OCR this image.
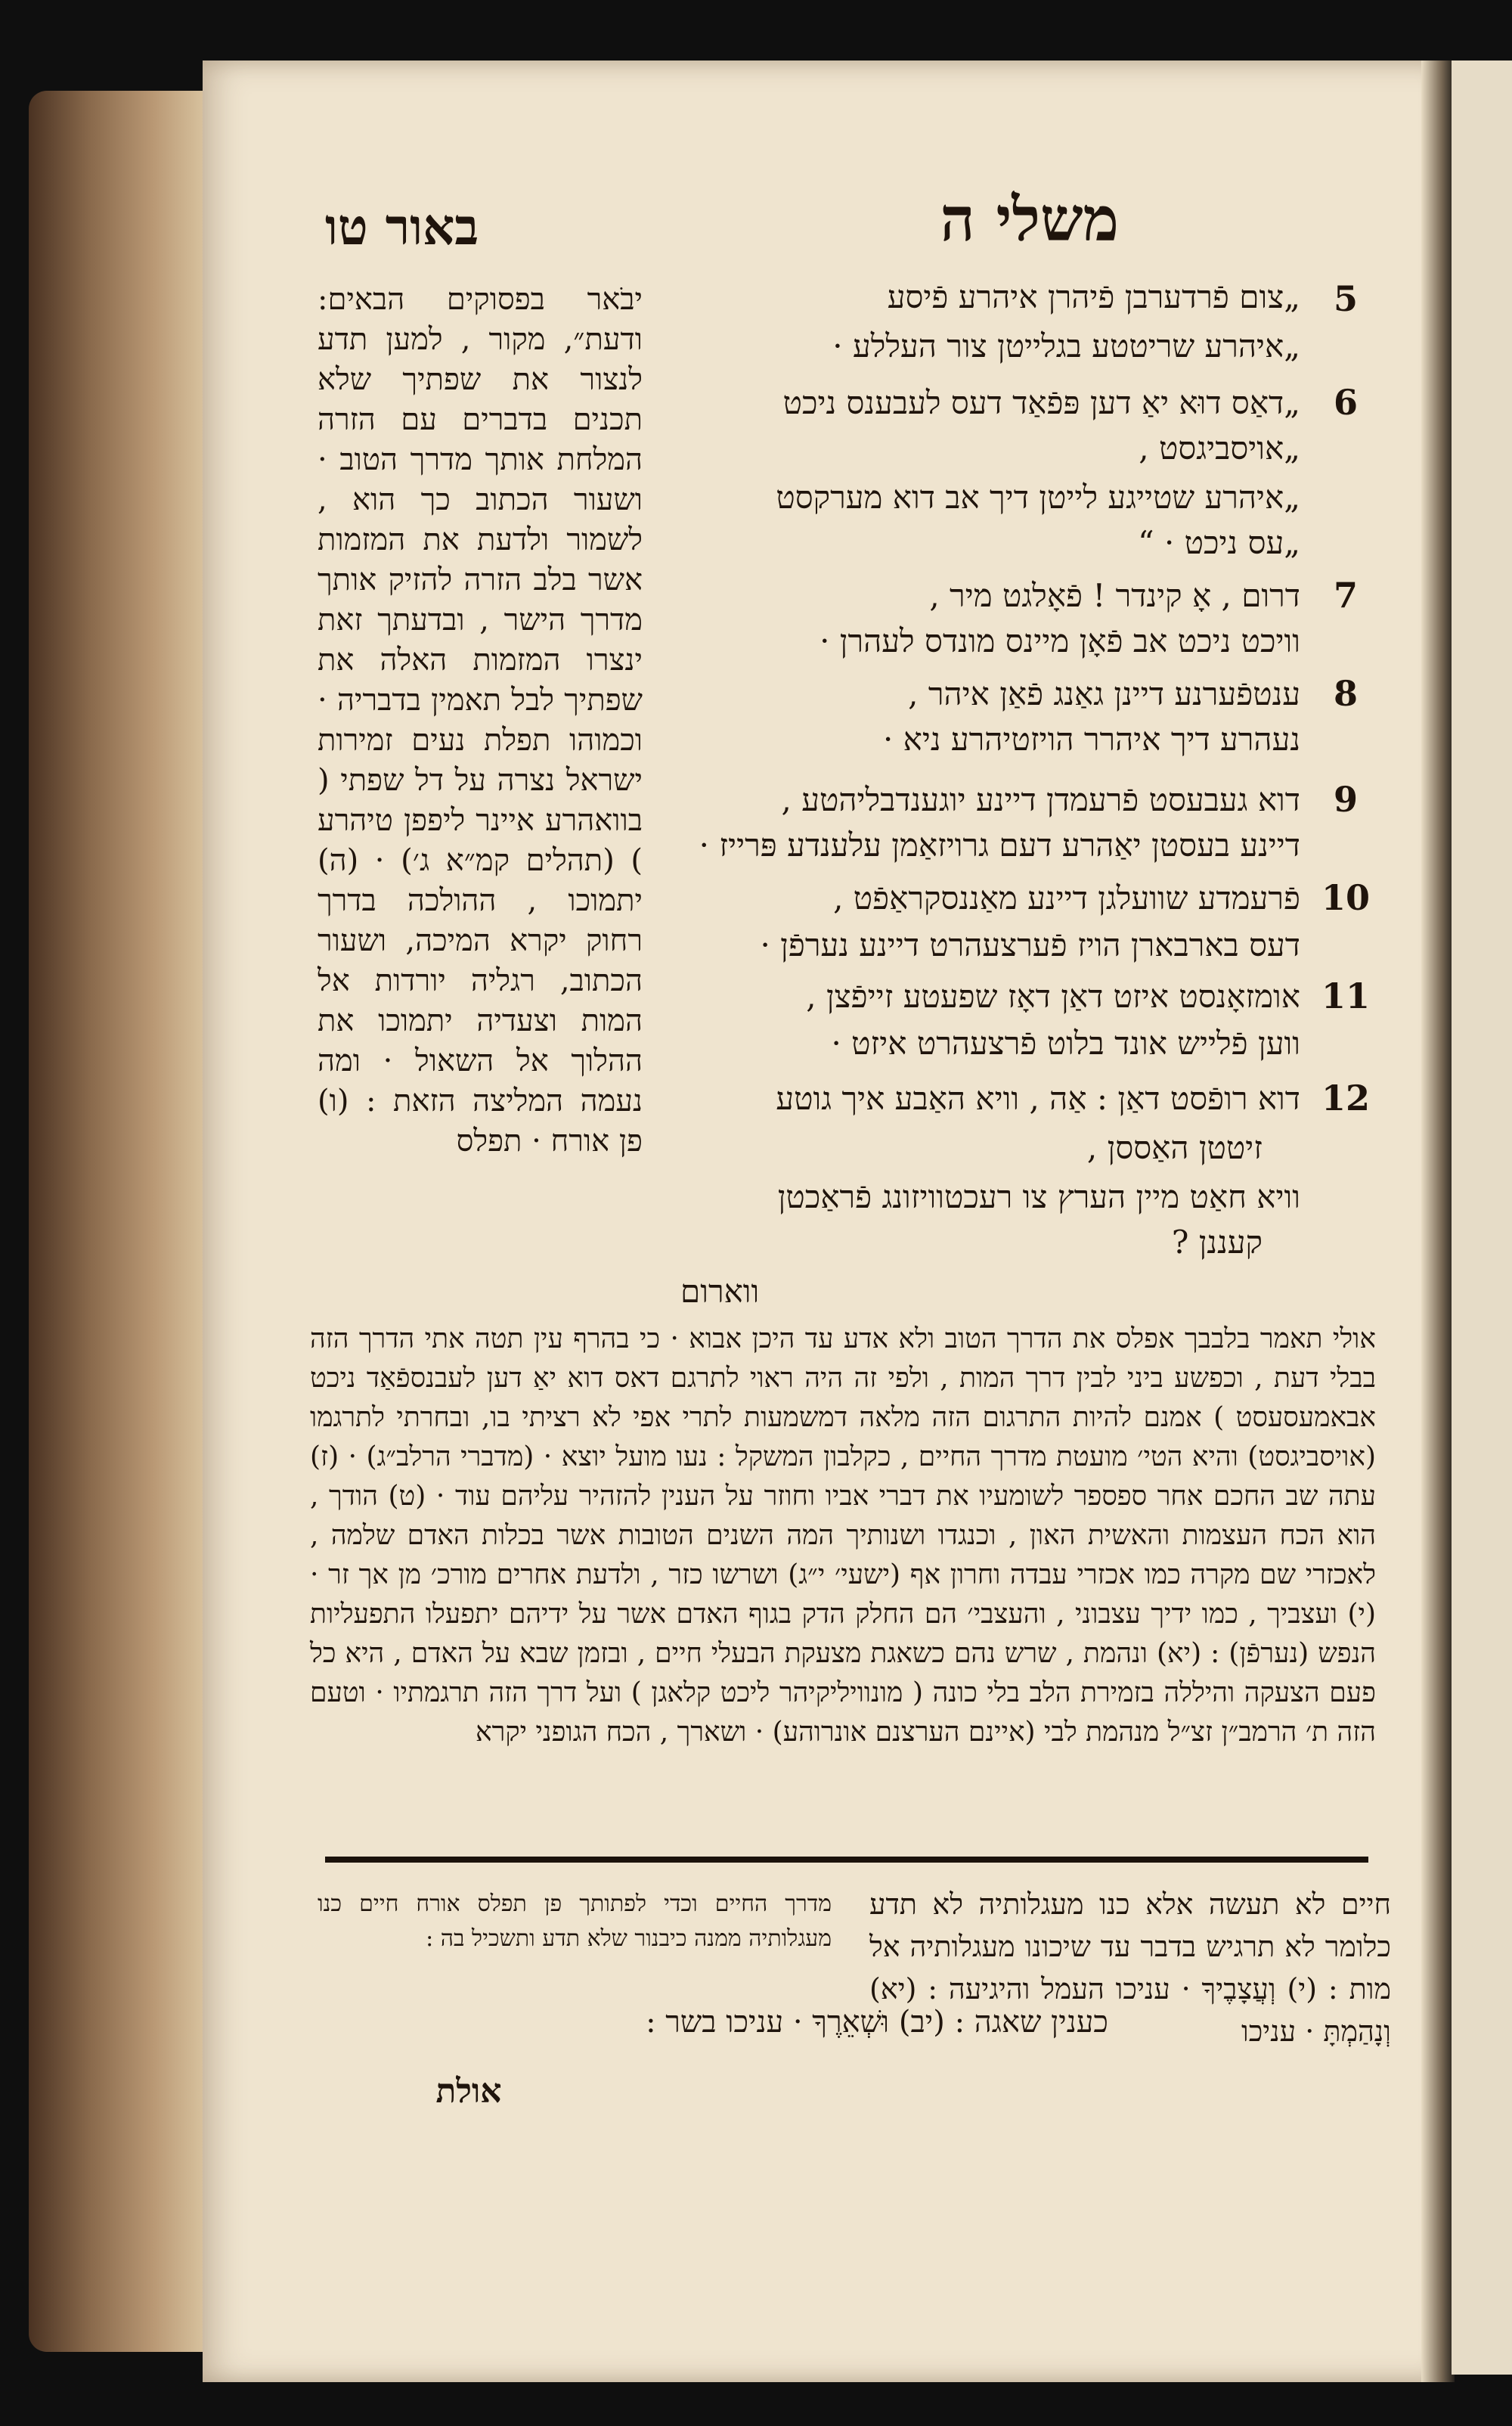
משלי ה
באור טו
יבֹאר בפסוקים הבאים: ודעת״, מקור , למען תדע לנצור את שפתיך שלא תכנים בדברים עם הזרה המלחת אותך מדרך הטוב · ושעור הכתוב כך הוא , לשמור ולדעת את המזמות אשר בלב הזרה להזיק אותך מדרך הישר , ובדעתך זאת ינצרו המזמות האלה את שפתיך לבל תאמין בדבריה · וכמוהו תפלת נעים זמירות ישראל נצרה על דל שפתי ( בוואהרע איינר ליפפן טיהרע ) (תהלים קמ״א ג׳) · (ה) יתמוכו , ההולכה בדרך רחוק יקרא המיכה, ושעור הכתוב, רגליה יורדות אל המות וצעדיה יתמוכו את ההלוך אל השאול · ומה נעמה המליצה הזאת : (ו) פן אורח · תפלס
5
„צום פֿרדערבן פֿיהרן איהרע פֿיסע
„איהרע שריטטע בגלייטן צור העללע ·
6
„דאַס דוּא יאַ דען פּפֿאַד דעס לעבענס ניכט
„אויסביגסט ,
„איהרע שטייגע לייטן דיך אב דוא מערקסט
„עס ניכט · “
7
דרום , אָ קינדר ! פֿאָלגט מיר ,
וויכט ניכט אב פֿאָן מיינס מונדס לעהרן ·
8
ענטפֿערנע דיינן גאַנג פֿאַן איהר ,
נעהרע דיך איהרר הויזטיהרע ניא ·
9
דוא געבעסט פֿרעמדן דיינע יוגענדבליהטע ,
דיינע בעסטן יאַהרע דעם גרויזאַמן עלענדע פּרייז ·
10
פֿרעמדע שוועלגן דיינע מאַננסקראַפֿט ,
דעס בארבארן הויז פֿערצעהרט דיינע נערפֿן ·
11
אומזאָנסט איזט דאַן דאָז שפעטע זייפֿצן ,
ווען פֿלייש אונד בלוט פֿרצעהרט איזט ·
12
דוא רופֿסט דאַן : אַה , וויא האַבע איך גוטע
זיטטן האַססן ,
וויא חאַט מיין הערץ צו רעכטוויזונג פֿראַכטן
קעננן ?
ווארום
אולי תאמר בלבבך אפלס את הדרך הטוב ולא אדע עד היכן אבוא · כי בהרף עין תטה אתי הדרך הזה בבלי דעת , וכפשע ביני לבין דרך המות , ולפי זה היה ראוי לתרגם דאס דוא יאַ דען לעבנספֿאַד ניכט אבאמעסעסט ) אמנם להיות התרגום הזה מלאה דמשמעות לתרי אפי לא רציתי בו, ובחרתי לתרגמו (אויסביגסט) והיא הטי׳ מועטת מדרך החיים , כקלבון המשקל : נעו מועל יוצא · (מדברי הרלב״ג) · (ז) עתה שב החכם אחר ספספר לשומעיו את דברי אביו וחוזר על הענין להזהיר עליהם עוד · (ט) הודך , הוא הכח העצמות והאשית האון , וכנגדו ושנותיך המה השנים הטובות אשר בכלות האדם שלמה , לאכזרי שם מקרה כמו אכזרי עבדה וחרון אף (ישעי׳ י״ג) ושרשו כזר , ולדעת אחרים מורכ׳ מן אך זר · (י) ועצביך , כמו ידיך עצבוני , והעצבי׳ הם החלק הדק בגוף האדם אשר על ידיהם יתפעלו התפעליות הנפש (נערפֿן) : (יא) ונהמת , שרש נהם כשאגת מצעקת הבעלי חיים , ובזמן שבא על האדם , היא כל פעם הצעקה והיללה בזמירת הלב בלי כונה ( מונוויליקיהר ליכט קלאגן ) ועל דרך הזה תרגמתיו · וטעם הזה ת׳ הרמב״ן זצ״ל מנהמת לבי (איינם הערצנם אונרוהע) · ושארך , הכח הגופני יקרא
חיים לא תעשה אלא כנו מעגלותיה לא תדע כלומר לא תרגיש בדבר עד שיכונו מעגלותיה אל מות : (י) וְעֲצָבֶיךָ · עניכו העמל והיגיעה : (יא) וְנָהַמְתָּ · עניכו
מדרך החיים וכדי לפתותך פן תפלס אורח חיים כנו מעגלותיה ממנה כיבנור שלא תדע ותשכיל בה :
כענין שאגה : (יב) וּשְׁאֵרֶךָ · עניכו בשר :
אולת
